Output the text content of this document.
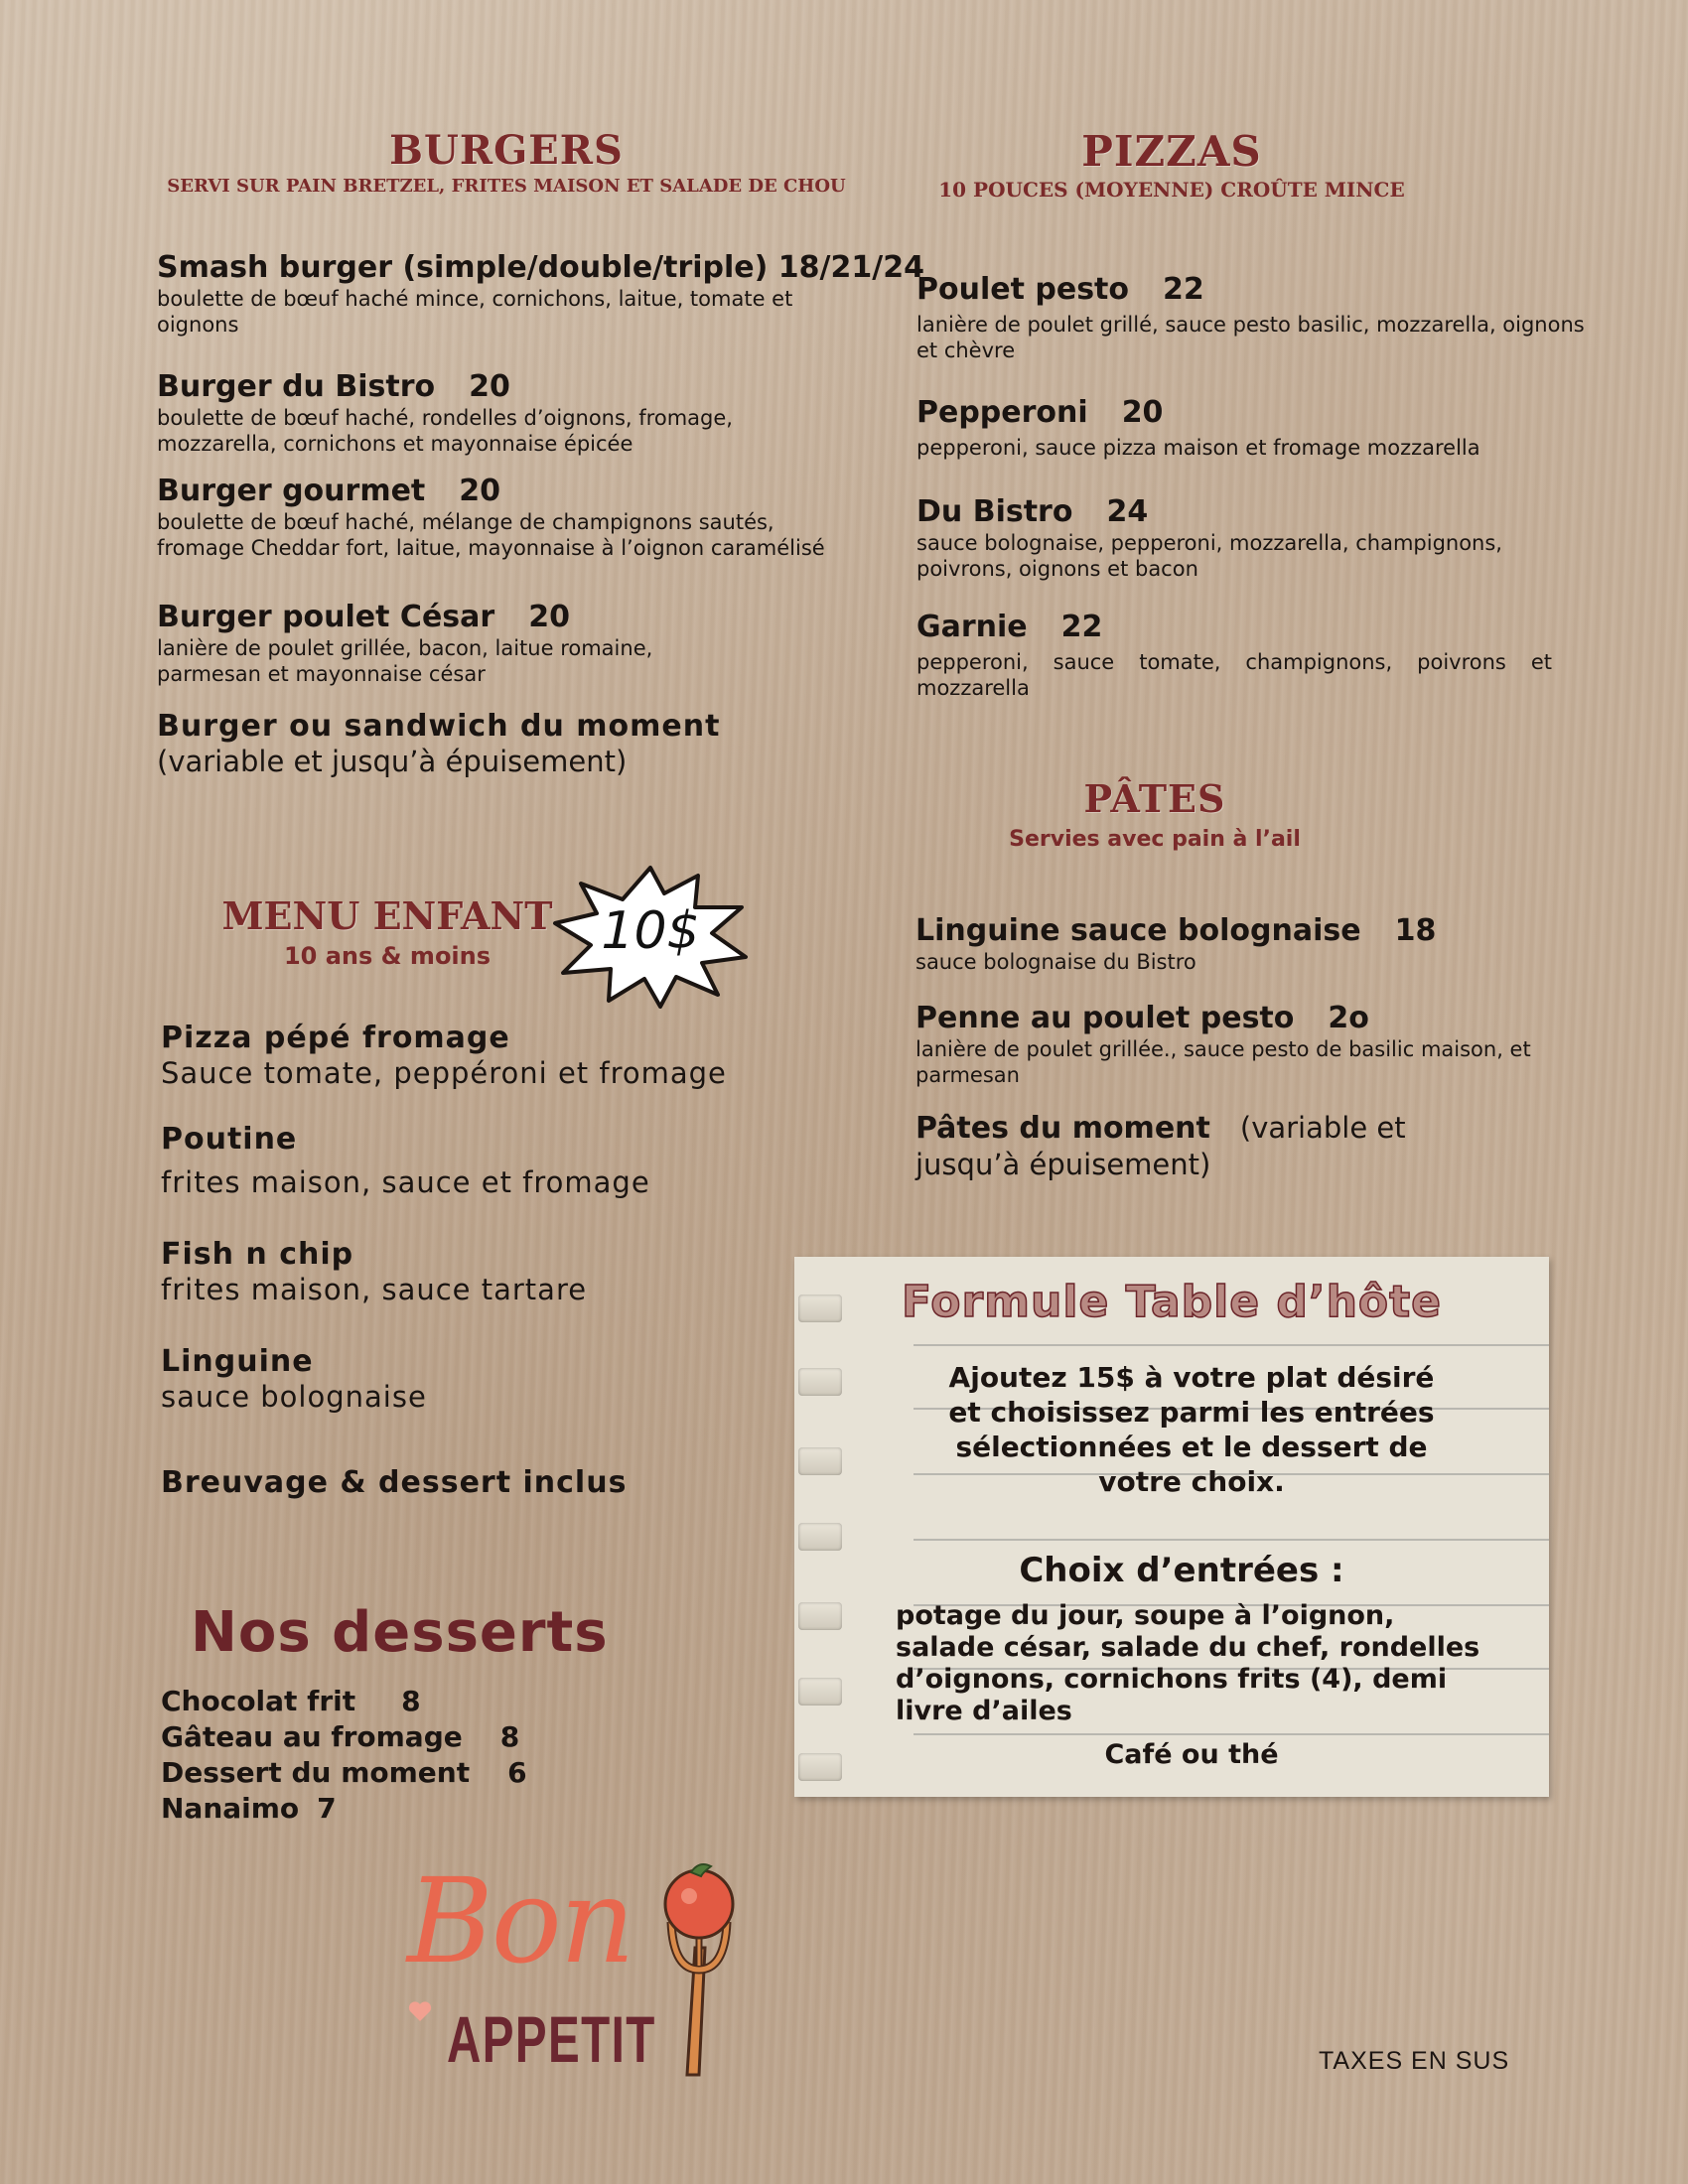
BURGERS
SERVI SUR PAIN BRETZEL, FRITES MAISON ET SALADE DE CHOU
Smash burger (simple/double/triple) 18/21/24
boulette de bœuf haché mince, cornichons, laitue, tomate et oignons
Burger du Bistro 20
boulette de bœuf haché, rondelles d’oignons, fromage, mozzarella, cornichons et mayonnaise épicée
Burger gourmet 20
boulette de bœuf haché, mélange de champignons sautés, fromage Cheddar fort, laitue, mayonnaise à l’oignon caramélisé
Burger poulet César 20
lanière de poulet grillée, bacon, laitue romaine, parmesan et mayonnaise césar
Burger ou sandwich du moment
(variable et jusqu’à épuisement)
PIZZAS
10 POUCES (MOYENNE) CROÛTE MINCE
Poulet pesto 22
lanière de poulet grillé, sauce pesto basilic, mozzarella, oignons et chèvre
Pepperoni 20
pepperoni, sauce pizza maison et fromage mozzarella
Du Bistro 24
sauce bolognaise, pepperoni, mozzarella, champignons, poivrons, oignons et bacon
Garnie 22
pepperoni, sauce tomate, champignons, poivrons et mozzarella
PÂTES
Servies avec pain à l’ail
Linguine sauce bolognaise 18
sauce bolognaise du Bistro
Penne au poulet pesto 2o
lanière de poulet grillée., sauce pesto de basilic maison, et parmesan
Pâtes du moment (variable et jusqu’à épuisement)
MENU ENFANT
10 ans & moins	10$
Pizza pépé fromage
Sauce tomate, peppéroni et fromage
Poutine
frites maison, sauce et fromage
Fish n chip
frites maison, sauce tartare
Linguine
sauce bolognaise
Breuvage & dessert inclus
Nos desserts
Chocolat frit 8
Gâteau au fromage 8
Dessert du moment 6
Nanaimo 7
Formule Table d’hôte
Ajoutez 15$ à votre plat désiré et choisissez parmi les entrées sélectionnées et le dessert de votre choix.
Choix d’entrées :
potage du jour, soupe à l’oignon, salade césar, salade du chef, rondelles d’oignons, cornichons frits (4), demi livre d’ailes
Café ou thé
Bon
APPETIT	TAXES EN SUS
